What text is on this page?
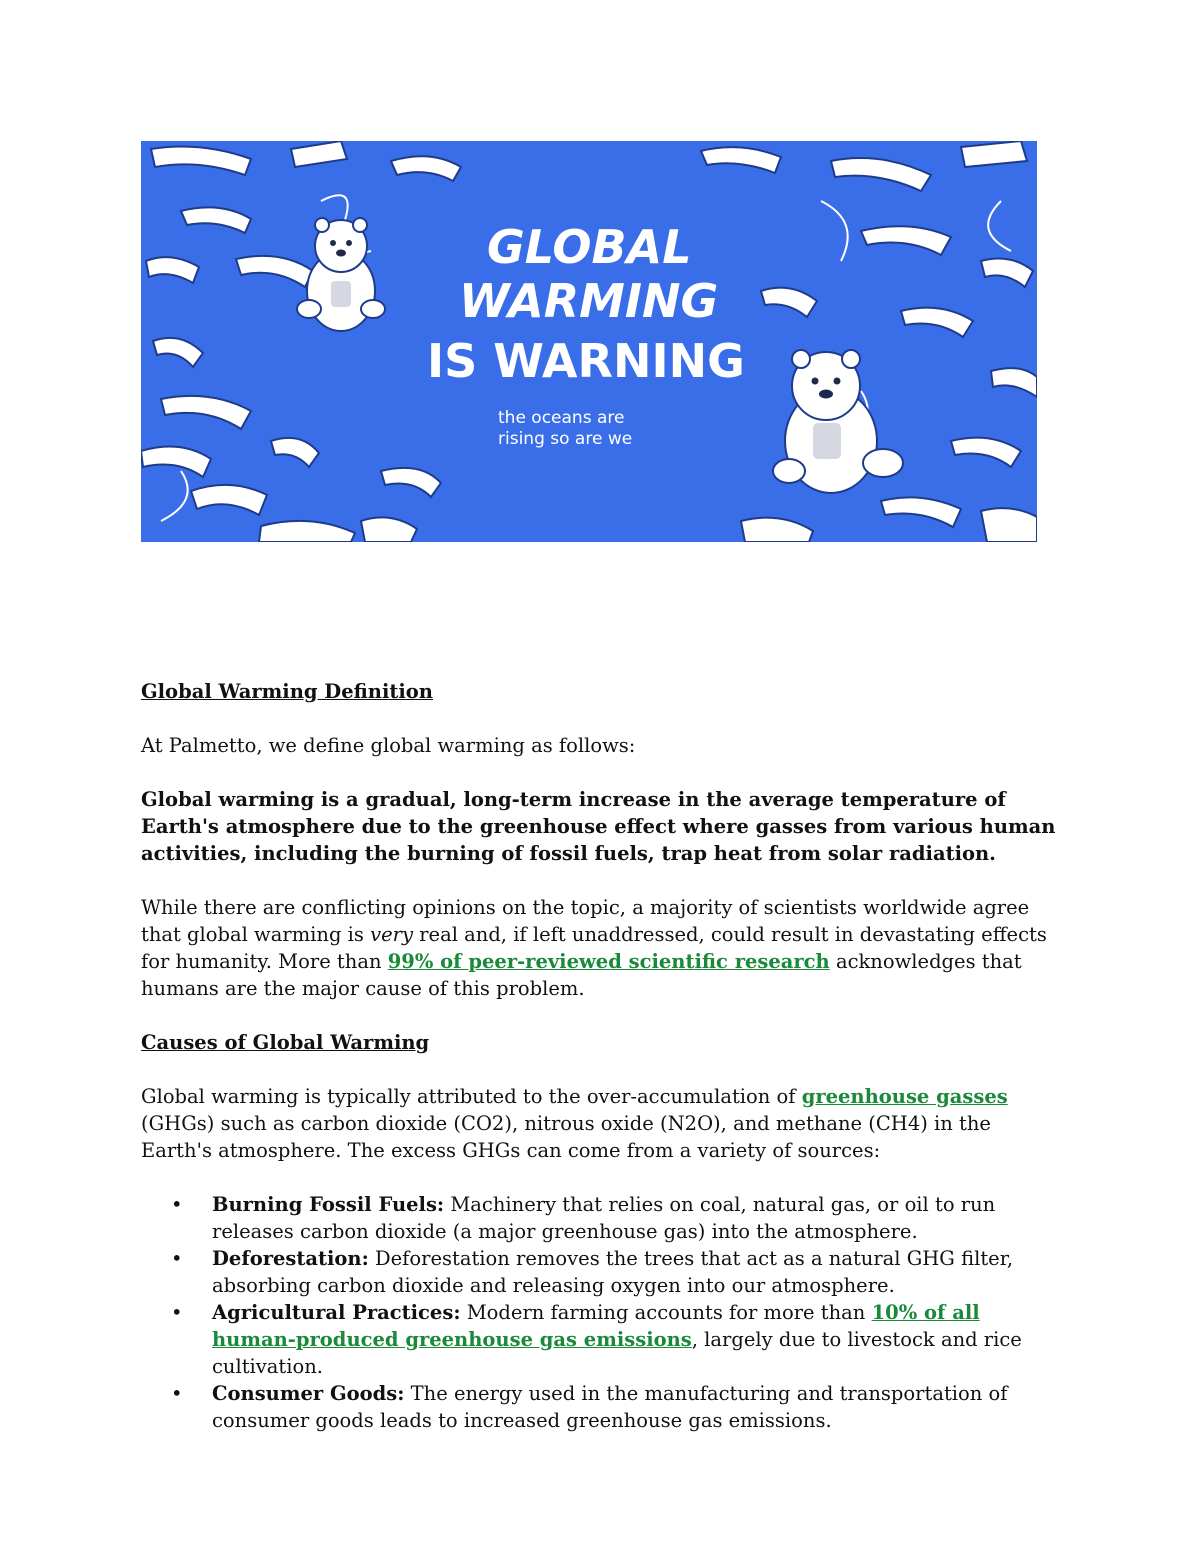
GLOBAL
WARMING
IS WARNING
the oceans are
rising so are we

Global Warming Definition

At Palmetto, we define global warming as follows:

Global warming is a gradual, long-term increase in the average temperature of Earth's atmosphere due to the greenhouse effect where gasses from various human activities, including the burning of fossil fuels, trap heat from solar radiation.

While there are conflicting opinions on the topic, a majority of scientists worldwide agree that global warming is very real and, if left unaddressed, could result in devastating effects for humanity. More than 99% of peer-reviewed scientific research acknowledges that humans are the major cause of this problem.

Causes of Global Warming

Global warming is typically attributed to the over-accumulation of greenhouse gasses (GHGs) such as carbon dioxide (CO2), nitrous oxide (N2O), and methane (CH4) in the Earth's atmosphere. The excess GHGs can come from a variety of sources:

• Burning Fossil Fuels: Machinery that relies on coal, natural gas, or oil to run releases carbon dioxide (a major greenhouse gas) into the atmosphere.
• Deforestation: Deforestation removes the trees that act as a natural GHG filter, absorbing carbon dioxide and releasing oxygen into our atmosphere.
• Agricultural Practices: Modern farming accounts for more than 10% of all human-produced greenhouse gas emissions, largely due to livestock and rice cultivation.
• Consumer Goods: The energy used in the manufacturing and transportation of consumer goods leads to increased greenhouse gas emissions.
